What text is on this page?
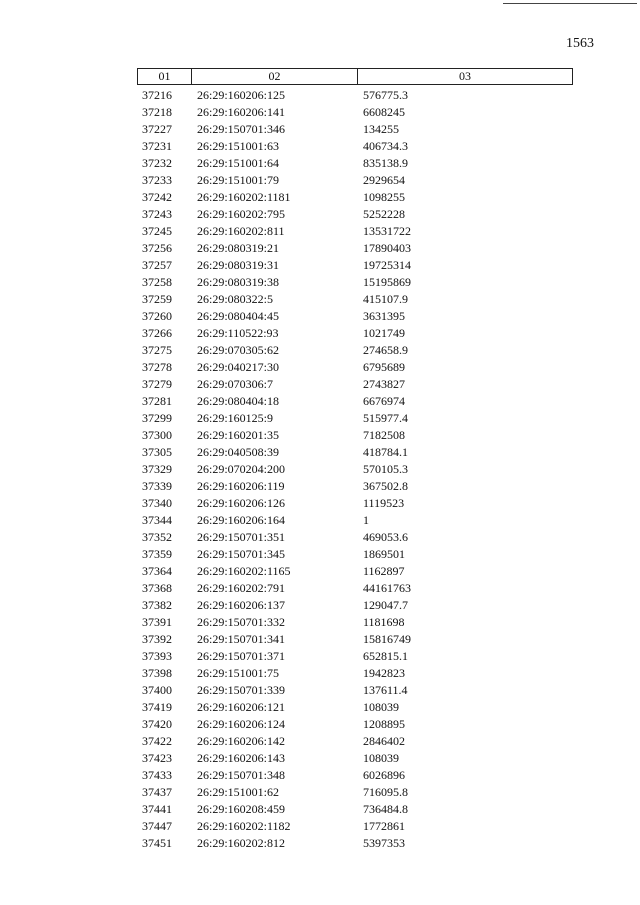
1563
01	02	03
37216 26:29:160206:125	576775.3
37218 26:29:160206:141	6608245
37227 26:29:150701:346	134255
37231 26:29:151001:63	406734.3
37232 26:29:151001:64	835138.9
37233 26:29:151001:79	2929654
37242 26:29:160202:1181	1098255
37243 26:29:160202:795	5252228
37245 26:29:160202:811	13531722
37256 26:29:080319:21	17890403
37257 26:29:080319:31	19725314
37258 26:29:080319:38	15195869
37259 26:29:080322:5	415107.9
37260 26:29:080404:45	3631395
37266 26:29:110522:93	1021749
37275 26:29:070305:62	274658.9
37278 26:29:040217:30	6795689
37279 26:29:070306:7	2743827
37281 26:29:080404:18	6676974
37299 26:29:160125:9	515977.4
37300 26:29:160201:35	7182508
37305 26:29:040508:39	418784.1
37329 26:29:070204:200	570105.3
37339 26:29:160206:119	367502.8
37340 26:29:160206:126	1119523
37344 26:29:160206:164	1
37352 26:29:150701:351	469053.6
37359 26:29:150701:345	1869501
37364 26:29:160202:1165	1162897
37368 26:29:160202:791	44161763
37382 26:29:160206:137	129047.7
37391 26:29:150701:332	1181698
37392 26:29:150701:341	15816749
37393 26:29:150701:371	652815.1
37398 26:29:151001:75	1942823
37400 26:29:150701:339	137611.4
37419 26:29:160206:121	108039
37420 26:29:160206:124	1208895
37422 26:29:160206:142	2846402
37423 26:29:160206:143	108039
37433 26:29:150701:348	6026896
37437 26:29:151001:62	716095.8
37441 26:29:160208:459	736484.8
37447 26:29:160202:1182	1772861
37451 26:29:160202:812	5397353
